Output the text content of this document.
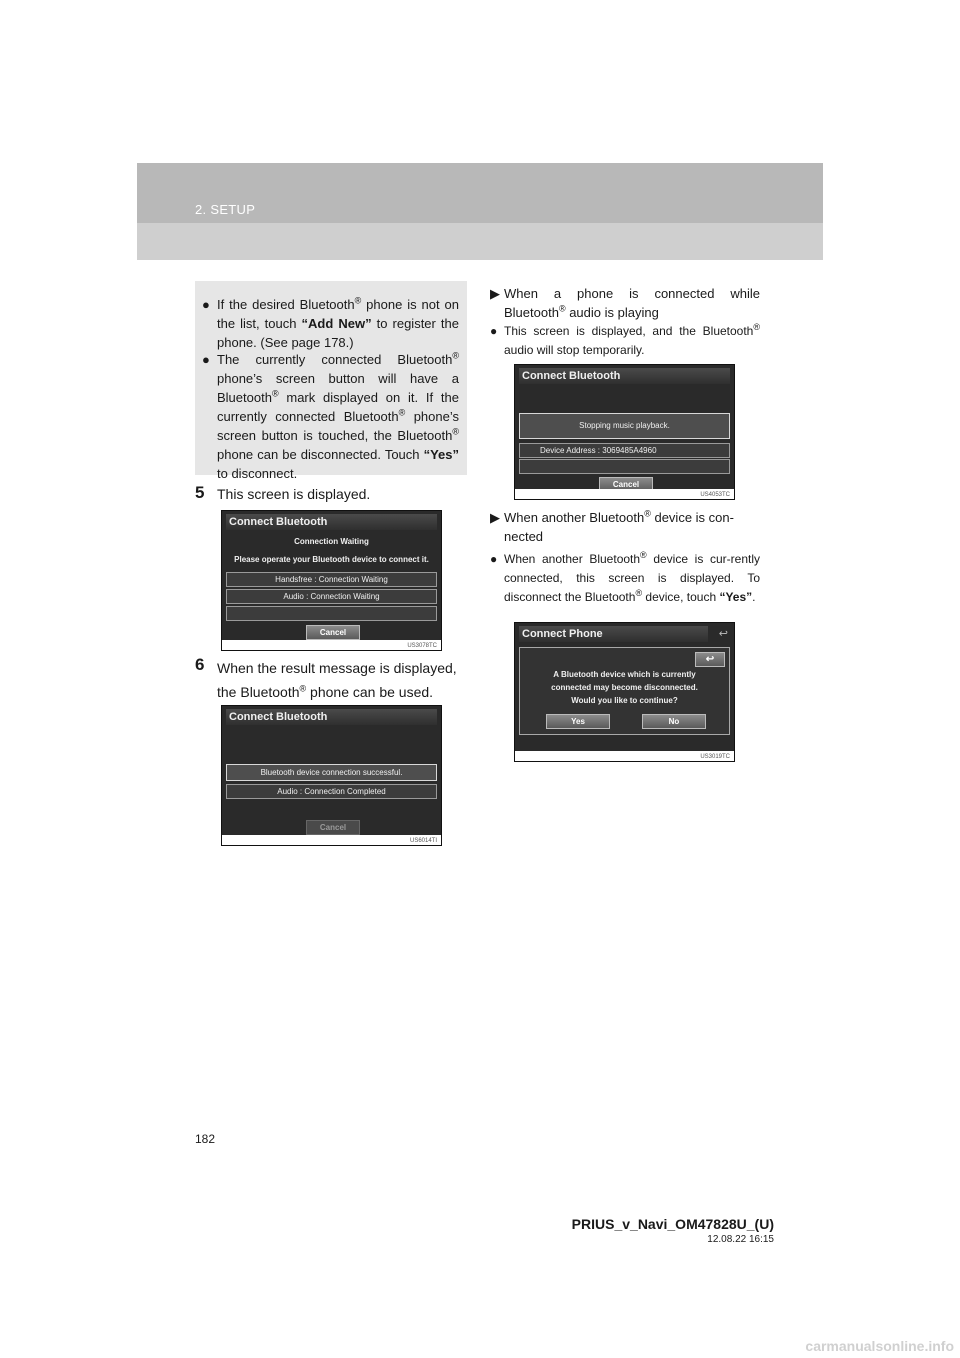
2. SETUP
● If the desired Bluetooth® phone is not on the list, touch “Add New” to register the phone. (See page 178.)
● The currently connected Bluetooth® phone’s screen button will have a Bluetooth® mark displayed on it. If the currently connected Bluetooth® phone’s screen button is touched, the Bluetooth® phone can be disconnected. Touch “Yes” to disconnect.
5 This screen is displayed.
Connect Bluetooth
Connection Waiting
Please operate your Bluetooth device to connect it.
Handsfree : Connection Waiting
Audio : Connection Waiting
Cancel
US3078TC
6 When the result message is displayed, the Bluetooth® phone can be used.
Connect Bluetooth
Bluetooth device connection successful.
Audio : Connection Completed
Cancel
US6014TI
▶ When a phone is connected while Bluetooth® audio is playing
● This screen is displayed, and the Bluetooth® audio will stop temporarily.
Connect Bluetooth
Stopping music playback.
Device Address : 3069485A4960
Cancel
US4053TC
▶ When another Bluetooth® device is con-nected
● When another Bluetooth® device is cur-rently connected, this screen is displayed. To disconnect the Bluetooth® device, touch “Yes”.
Connect Phone	↩
↩
A Bluetooth device which is currently
connected may become disconnected.
Would you like to continue?
Yes	No
US3019TC
182
PRIUS_v_Navi_OM47828U_(U)
12.08.22 16:15
carmanualsonline.info
